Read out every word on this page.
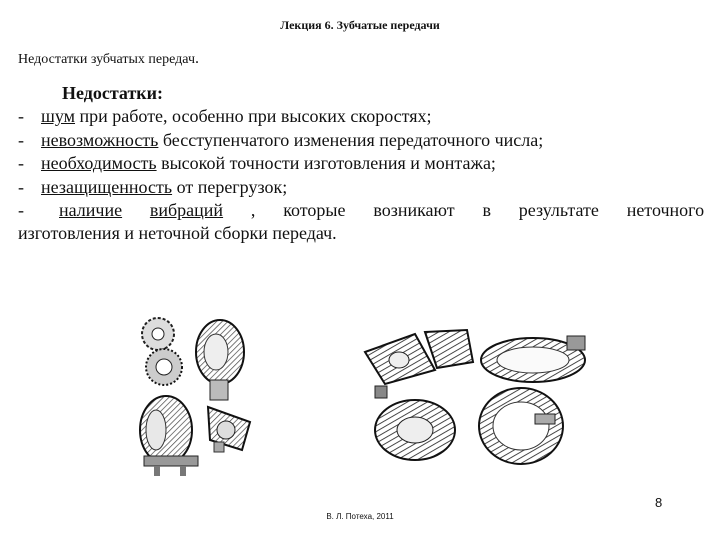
Лекция 6. Зубчатые передачи
Недостатки зубчатых передач.
Недостатки:
- шум при работе, особенно при высоких скоростях;
- невозможность бесступенчатого изменения передаточного числа;
- необходимость высокой точности изготовления и монтажа;
- незащищенность от перегрузок;
-	наличие вибраций , которые возникают в результате неточного
изготовления и неточной сборки передач.
8
В. Л. Потеха, 2011
